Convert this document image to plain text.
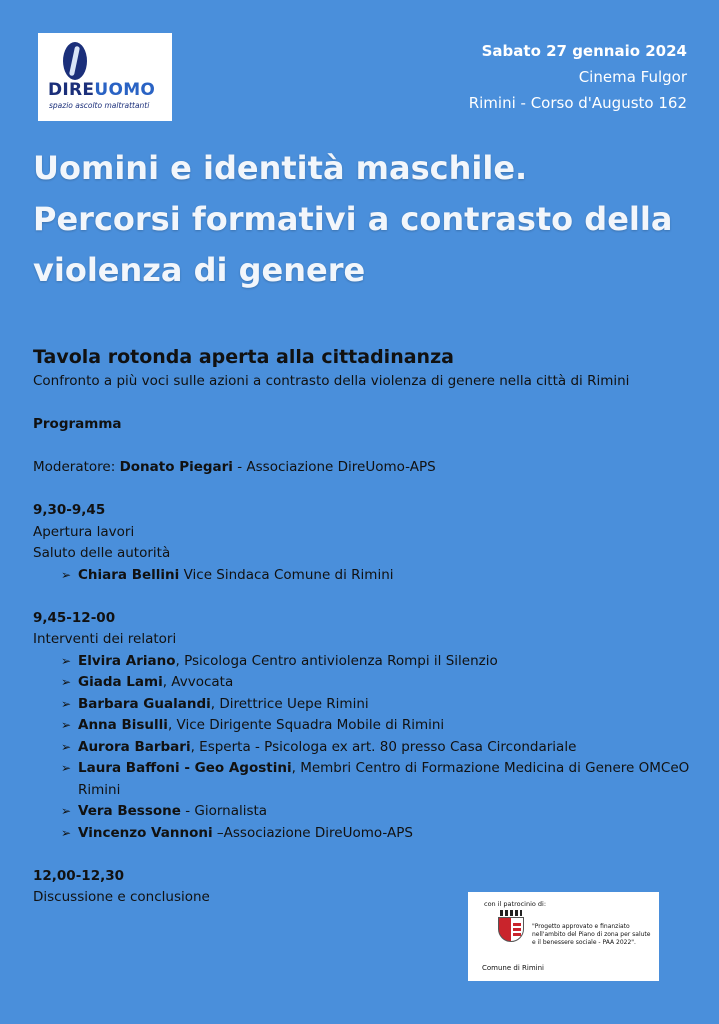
DIREUOMO
spazio ascolto maltrattanti
Sabato 27 gennaio 2024
Cinema Fulgor
Rimini - Corso d'Augusto 162
Uomini e identità maschile.
Percorsi formativi a contrasto della
violenza di genere
Tavola rotonda aperta alla cittadinanza
Confronto a più voci sulle azioni a contrasto della violenza di genere nella città di Rimini
Programma
Moderatore: Donato Piegari - Associazione DireUomo-APS
9,30-9,45
Apertura lavori
Saluto delle autorità
➢ Chiara Bellini Vice Sindaca Comune di Rimini
9,45-12-00
Interventi dei relatori
➢ Elvira Ariano, Psicologa Centro antiviolenza Rompi il Silenzio
➢ Giada Lami, Avvocata
➢ Barbara Gualandi, Direttrice Uepe Rimini
➢ Anna Bisulli, Vice Dirigente Squadra Mobile di Rimini
➢ Aurora Barbari, Esperta - Psicologa ex art. 80 presso Casa Circondariale
➢ Laura Baffoni - Geo Agostini, Membri Centro di Formazione Medicina di Genere OMCeO Rimini
➢ Vera Bessone - Giornalista
➢ Vincenzo Vannoni –Associazione DireUomo-APS
12,00-12,30
Discussione e conclusione	con il patrocinio di:
"Progetto approvato e finanziato nell'ambito del Piano di zona per salute e il benessere sociale - PAA 2022".
Comune di Rimini
